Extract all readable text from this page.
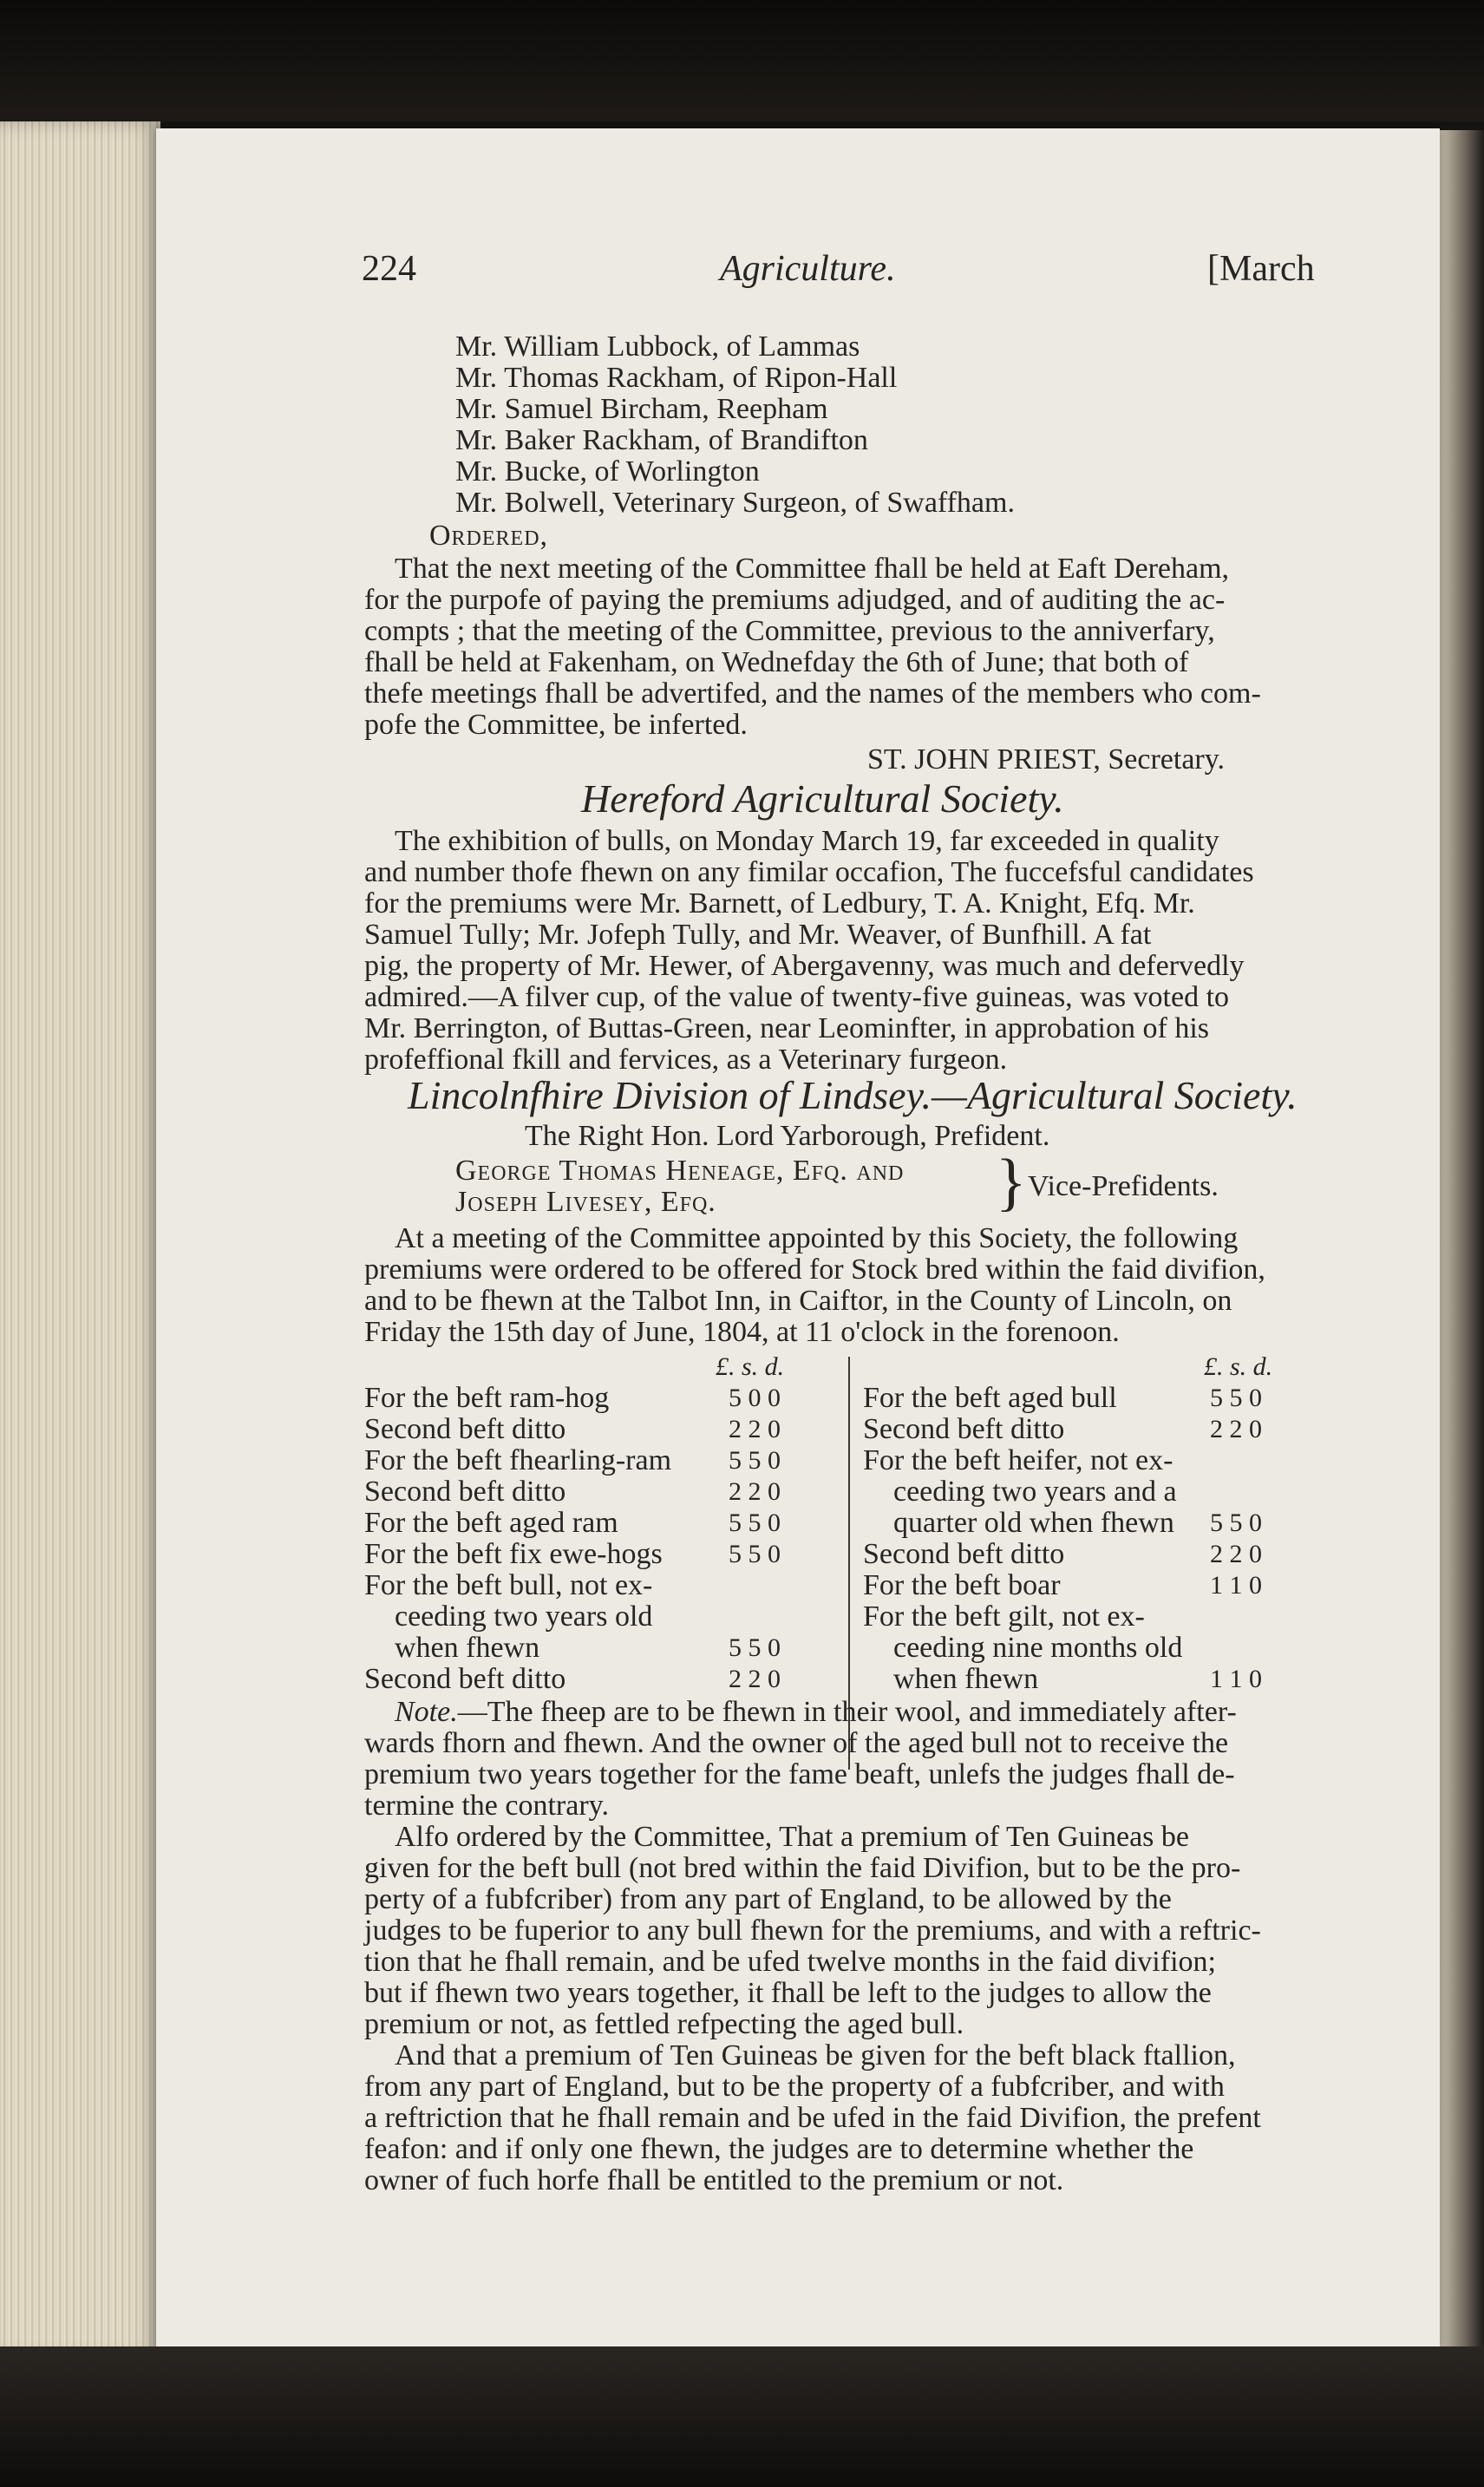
224	Agriculture.	[March
Mr. William Lubbock, of Lammas
Mr. Thomas Rackham, of Ripon-Hall
Mr. Samuel Bircham, Reepham
Mr. Baker Rackham, of Brandifton
Mr. Bucke, of Worlington
Mr. Bolwell, Veterinary Surgeon, of Swaffham.
Ordered,
That the next meeting of the Committee fhall be held at Eaft Dereham,
for the purpofe of paying the premiums adjudged, and of auditing the ac-
compts ; that the meeting of the Committee, previous to the anniverfary,
fhall be held at Fakenham, on Wednefday the 6th of June; that both of
thefe meetings fhall be advertifed, and the names of the members who com-
pofe the Committee, be inferted.
ST. JOHN PRIEST, Secretary.
Hereford Agricultural Society.
The exhibition of bulls, on Monday March 19, far exceeded in quality
and number thofe fhewn on any fimilar occafion, The fuccefsful candidates
for the premiums were Mr. Barnett, of Ledbury, T. A. Knight, Efq. Mr.
Samuel Tully; Mr. Jofeph Tully, and Mr. Weaver, of Bunfhill. A fat
pig, the property of Mr. Hewer, of Abergavenny, was much and defervedly
admired.—A filver cup, of the value of twenty-five guineas, was voted to
Mr. Berrington, of Buttas-Green, near Leominfter, in approbation of his
profeffional fkill and fervices, as a Veterinary furgeon.
Lincolnfhire Division of Lindsey.—Agricultural Society.
The Right Hon. Lord Yarborough, Prefident.
George Thomas Heneage, Efq. and
Joseph Livesey, Efq.	} Vice-Prefidents.
At a meeting of the Committee appointed by this Society, the following
premiums were ordered to be offered for Stock bred within the faid divifion,
and to be fhewn at the Talbot Inn, in Caiftor, in the County of Lincoln, on
Friday the 15th day of June, 1804, at 11 o'clock in the forenoon.
£. s. d.	£. s. d.
For the beft ram-hog	5 0 0
Second beft ditto	2 2 0
For the beft fhearling-ram 5 5 0
Second beft ditto	2 2 0
For the beft aged ram	5 5 0
For the beft fix ewe-hogs	5 5 0
For the beft bull, not ex-
ceeding two years old
when fhewn	5 5 0
Second beft ditto	2 2 0
For the beft aged bull	5 5 0
Second beft ditto	2 2 0
For the beft heifer, not ex-
ceeding two years and a
quarter old when fhewn 5 5 0
Second beft ditto	2 2 0
For the beft boar	1 1 0
For the beft gilt, not ex-
ceeding nine months old
when fhewn	1 1 0
Note.—The fheep are to be fhewn in their wool, and immediately after-
wards fhorn and fhewn. And the owner of the aged bull not to receive the
premium two years together for the fame beaft, unlefs the judges fhall de-
termine the contrary.
Alfo ordered by the Committee, That a premium of Ten Guineas be
given for the beft bull (not bred within the faid Divifion, but to be the pro-
perty of a fubfcriber) from any part of England, to be allowed by the
judges to be fuperior to any bull fhewn for the premiums, and with a reftric-
tion that he fhall remain, and be ufed twelve months in the faid divifion;
but if fhewn two years together, it fhall be left to the judges to allow the
premium or not, as fettled refpecting the aged bull.
And that a premium of Ten Guineas be given for the beft black ftallion,
from any part of England, but to be the property of a fubfcriber, and with
a reftriction that he fhall remain and be ufed in the faid Divifion, the prefent
feafon: and if only one fhewn, the judges are to determine whether the
owner of fuch horfe fhall be entitled to the premium or not.
